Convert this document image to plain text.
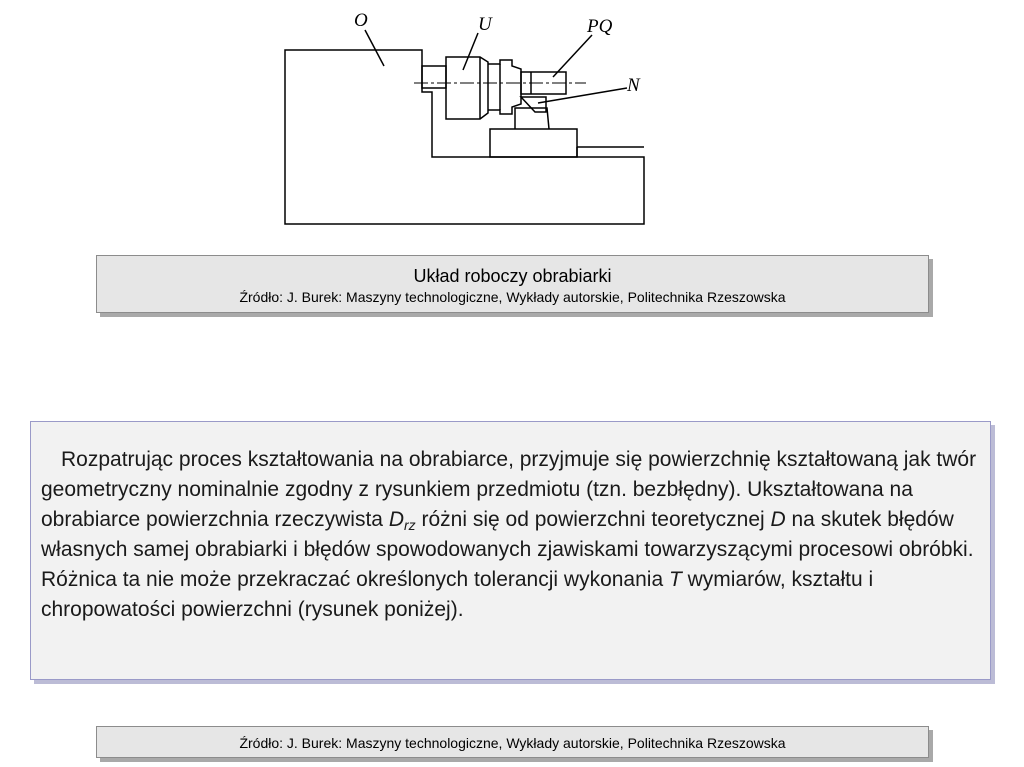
O	U	PQ
N
Układ roboczy obrabiarki
Źródło: J. Burek: Maszyny technologiczne, Wykłady autorskie, Politechnika Rzeszowska

Rozpatrując proces kształtowania na obrabiarce, przyjmuje się powierzchnię kształtowaną jak twór geometryczny nominalnie zgodny z rysunkiem przedmiotu (tzn. bezbłędny). Ukształtowana na obrabiarce powierzchnia rzeczywista $D_{rz}$ różni się od powierzchni teoretycznej D na skutek błędów własnych samej obrabiarki i błędów spowodowanych zjawiskami towarzyszącymi procesowi obróbki. Różnica ta nie może przekraczać określonych tolerancji wykonania T wymiarów, kształtu i chropowatości powierzchni (rysunek poniżej).

Źródło: J. Burek: Maszyny technologiczne, Wykłady autorskie, Politechnika Rzeszowska
